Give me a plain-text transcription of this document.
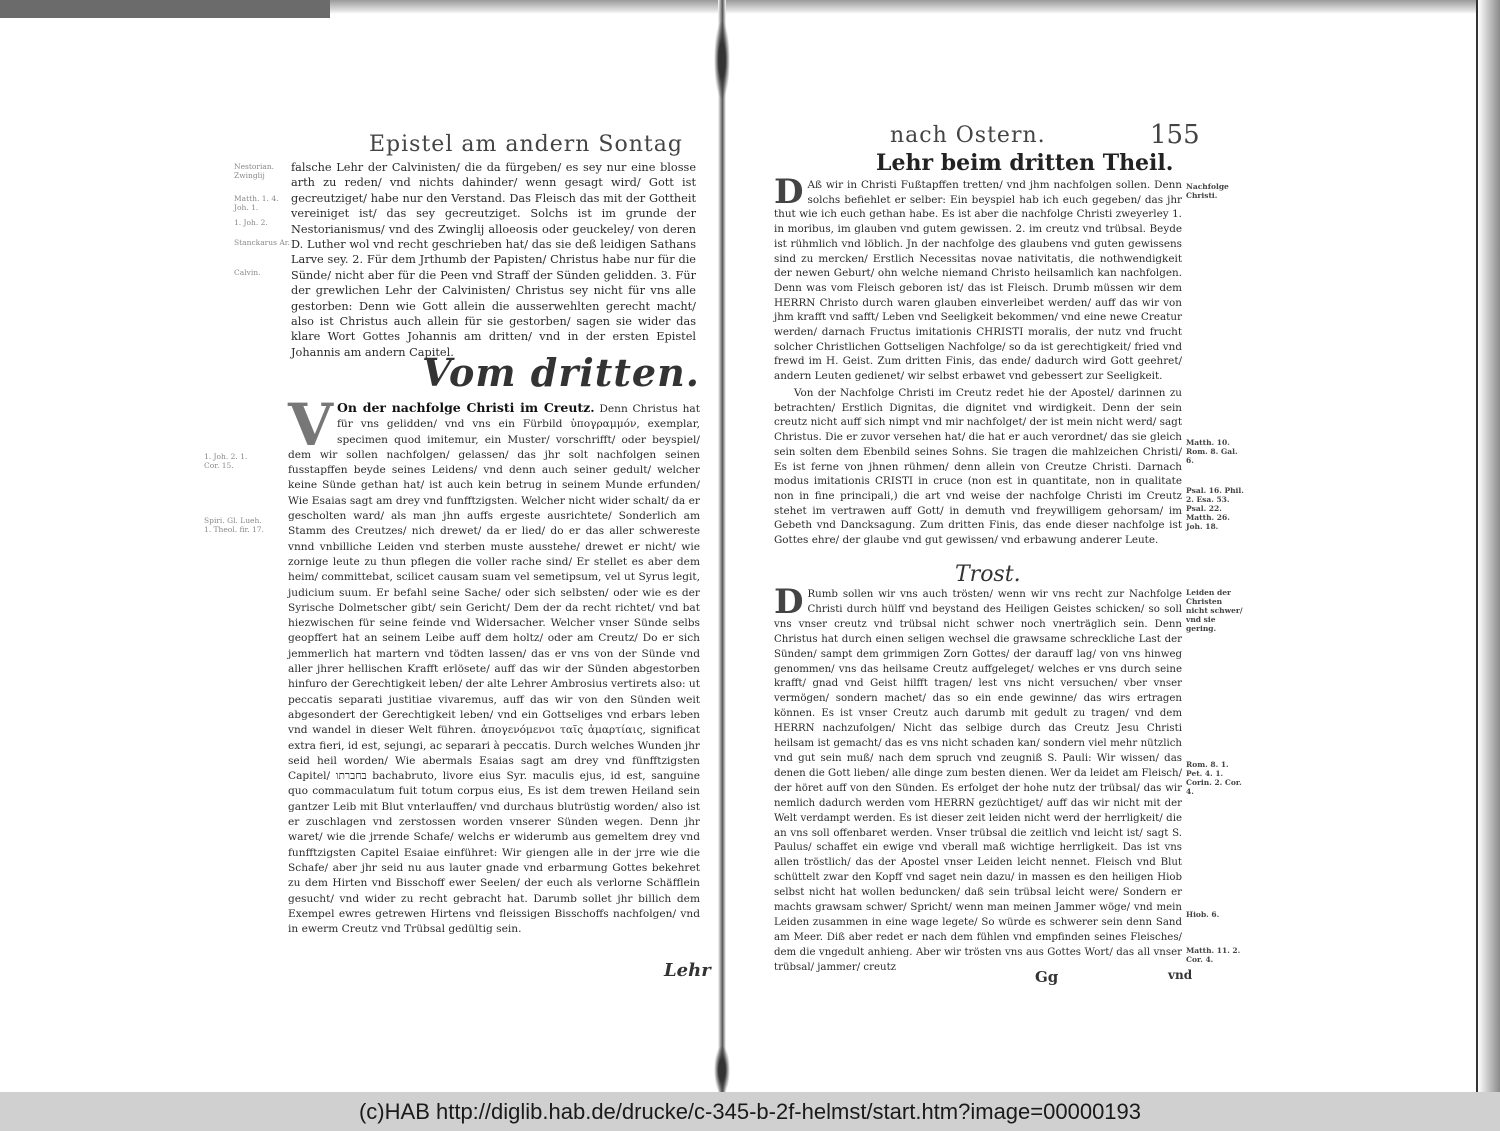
Epistel am andern Sontag
Nestorian. Zwinglij
Matth. 1. 4. Joh. 1.
1. Joh. 2.
Stanckarus Ar.
Calvin.

falsche Lehr der Calvinisten/ die da fürgeben/ es sey nur eine blosse arth zu reden/ vnd nichts dahinder/ wenn gesagt wird/ Gott ist gecreutziget/ habe nur den Verstand. Das Fleisch das mit der Gottheit vereiniget ist/ das sey gecreutziget. Solchs ist im grunde der Nestorianismus/ vnd des Zwinglij alloeosis oder geuckeley/ von deren D. Luther wol vnd recht geschrieben hat/ das sie deß leidigen Sathans Larve sey. 2. Für dem Jrthumb der Papisten/ Christus habe nur für die Sünde/ nicht aber für die Peen vnd Straff der Sünden gelidden. 3. Für der grewlichen Lehr der Calvinisten/ Christus sey nicht für vns alle gestorben: Denn wie Gott allein die ausserwehlten gerecht macht/ also ist Christus auch allein für sie gestorben/ sagen sie wider das klare Wort Gottes Johannis am dritten/ vnd in der ersten Epistel Johannis am andern Capitel.

Vom dritten.
1. Joh. 2. 1. Cor. 15.
Spiri. Gl. Lueh. 1. Theol. fir. 17.
V On der nachfolge Christi im Creutz. Denn Christus hat für vns gelidden/ vnd vns ein Fürbild ὑπογραμμόν, exemplar, specimen quod imitemur, ein Muster/ vorschrifft/ oder beyspiel/ dem wir sollen nachfolgen/ gelassen/ das jhr solt nachfolgen seinen fusstapffen beyde seines Leidens/ vnd denn auch seiner gedult/ welcher keine Sünde gethan hat/ ist auch kein betrug in seinem Munde erfunden/ Wie Esaias sagt am drey vnd funfftzigsten. Welcher nicht wider schalt/ da er gescholten ward/ als man jhn auffs ergeste ausrichtete/ Sonderlich am Stamm des Creutzes/ nich drewet/ da er lied/ do er das aller schwereste vnnd vnbilliche Leiden vnd sterben muste ausstehe/ drewet er nicht/ wie zornige leute zu thun pflegen die voller rache sind/ Er stellet es aber dem heim/ committebat, scilicet causam suam vel semetipsum, vel ut Syrus legit, judicium suum. Er befahl seine Sache/ oder sich selbsten/ oder wie es der Syrische Dolmetscher gibt/ sein Gericht/ Dem der da recht richtet/ vnd bat hiezwischen für seine feinde vnd Widersacher. Welcher vnser Sünde selbs geopffert hat an seinem Leibe auff dem holtz/ oder am Creutz/ Do er sich jemmerlich hat martern vnd tödten lassen/ das er vns von der Sünde vnd aller jhrer hellischen Krafft erlösete/ auff das wir der Sünden abgestorben hinfuro der Gerechtigkeit leben/ der alte Lehrer Ambrosius vertirets also: ut peccatis separati justitiae vivaremus, auff das wir von den Sünden weit abgesondert der Gerechtigkeit leben/ vnd ein Gottseliges vnd erbars leben vnd wandel in dieser Welt führen. ἀπογενόμενοι ταῖς ἁμαρτίαις, significat extra fieri, id est, sejungi, ac separari à peccatis. Durch welches Wunden jhr seid heil worden/ Wie abermals Esaias sagt am drey vnd fünfftzigsten Capitel/ בחברתו bachabruto, livore eius Syr. maculis ejus, id est, sanguine quo commaculatum fuit totum corpus eius, Es ist dem trewen Heiland sein gantzer Leib mit Blut vnterlauffen/ vnd durchaus blutrüstig worden/ also ist er zuschlagen vnd zerstossen worden vnserer Sünden wegen. Denn jhr waret/ wie die jrrende Schafe/ welchs er widerumb aus gemeltem drey vnd funfftzigsten Capitel Esaiae einführet: Wir giengen alle in der jrre wie die Schafe/ aber jhr seid nu aus lauter gnade vnd erbarmung Gottes bekehret zu dem Hirten vnd Bisschoff ewer Seelen/ der euch als verlorne Schäfflein gesucht/ vnd wider zu recht gebracht hat. Darumb sollet jhr billich dem Exempel ewres getrewen Hirtens vnd fleissigen Bisschoffs nachfolgen/ vnd in ewerm Creutz vnd Trübsal gedültig sein.
Lehr
nach Ostern.	155
Lehr beim dritten Theil.
D Aß wir in Christi Fußtapffen tretten/ vnd jhm nachfolgen sollen. Denn solchs befiehlet er selber: Ein beyspiel hab ich euch gegeben/ das jhr thut wie ich euch gethan habe. Es ist aber die nachfolge Christi zweyerley 1. in moribus, im glauben vnd gutem gewissen. 2. im creutz vnd trübsal. Beyde ist rühmlich vnd löblich. Jn der nachfolge des glaubens vnd guten gewissens sind zu mercken/ Erstlich Necessitas novae nativitatis, die nothwendigkeit der newen Geburt/ ohn welche niemand Christo heilsamlich kan nachfolgen. Denn was vom Fleisch geboren ist/ das ist Fleisch. Drumb müssen wir dem HERRN Christo durch waren glauben einverleibet werden/ auff das wir von jhm krafft vnd safft/ Leben vnd Seeligkeit bekommen/ vnd eine newe Creatur werden/ darnach Fructus imitationis CHRISTI moralis, der nutz vnd frucht solcher Christlichen Gottseligen Nachfolge/ so da ist gerechtigkeit/ fried vnd frewd im H. Geist. Zum dritten Finis, das ende/ dadurch wird Gott geehret/ andern Leuten gedienet/ wir selbst erbawet vnd gebessert zur Seeligkeit.
Von der Nachfolge Christi im Creutz redet hie der Apostel/ darinnen zu betrachten/ Erstlich Dignitas, die dignitet vnd wirdigkeit. Denn der sein creutz nicht auff sich nimpt vnd mir nachfolget/ der ist mein nicht werd/ sagt Christus. Die er zuvor versehen hat/ die hat er auch verordnet/ das sie gleich sein solten dem Ebenbild seines Sohns. Sie tragen die mahlzeichen Christi/ Es ist ferne von jhnen rühmen/ denn allein von Creutze Christi. Darnach modus imitationis CRISTI in cruce (non est in quantitate, non in qualitate non in fine principali,) die art vnd weise der nachfolge Christi im Creutz stehet im vertrawen auff Gott/ in demuth vnd freywilligem gehorsam/ im Gebeth vnd Dancksagung. Zum dritten Finis, das ende dieser nachfolge ist Gottes ehre/ der glaube vnd gut gewissen/ vnd erbawung anderer Leute.
Nachfolge Christi.
Matth. 10. Rom. 8. Gal. 6.
Psal. 16. Phil. 2. Esa. 53. Psal. 22. Matth. 26. Joh. 18.
Trost.
D Rumb sollen wir vns auch trösten/ wenn wir vns recht zur Nachfolge Christi durch hülff vnd beystand des Heiligen Geistes schicken/ so soll vns vnser creutz vnd trübsal nicht schwer noch vnerträglich sein. Denn Christus hat durch einen seligen wechsel die grawsame schreckliche Last der Sünden/ sampt dem grimmigen Zorn Gottes/ der darauff lag/ von vns hinweg genommen/ vns das heilsame Creutz auffgeleget/ welches er vns durch seine krafft/ gnad vnd Geist hilfft tragen/ lest vns nicht versuchen/ vber vnser vermögen/ sondern machet/ das so ein ende gewinne/ das wirs ertragen können. Es ist vnser Creutz auch darumb mit gedult zu tragen/ vnd dem HERRN nachzufolgen/ Nicht das selbige durch das Creutz Jesu Christi heilsam ist gemacht/ das es vns nicht schaden kan/ sondern viel mehr nützlich vnd gut sein muß/ nach dem spruch vnd zeugniß S. Pauli: Wir wissen/ das denen die Gott lieben/ alle dinge zum besten dienen. Wer da leidet am Fleisch/ der höret auff von den Sünden. Es erfolget der hohe nutz der trübsal/ das wir nemlich dadurch werden vom HERRN gezüchtiget/ auff das wir nicht mit der Welt verdampt werden. Es ist dieser zeit leiden nicht werd der herrligkeit/ die an vns soll offenbaret werden. Vnser trübsal die zeitlich vnd leicht ist/ sagt S. Paulus/ schaffet ein ewige vnd vberall maß wichtige herrligkeit. Das ist vns allen tröstlich/ das der Apostel vnser Leiden leicht nennet. Fleisch vnd Blut schüttelt zwar den Kopff vnd saget nein dazu/ in massen es den heiligen Hiob selbst nicht hat wollen beduncken/ daß sein trübsal leicht were/ Sondern er machts grawsam schwer/ Spricht/ wenn man meinen Jammer wöge/ vnd mein Leiden zusammen in eine wage legete/ So würde es schwerer sein denn Sand am Meer. Diß aber redet er nach dem fühlen vnd empfinden seines Fleisches/ dem die vngedult anhieng. Aber wir trösten vns aus Gottes Wort/ das all vnser trübsal/ jammer/ creutz
Leiden der Christen nicht schwer/ vnd sie gering.
Rom. 8. 1. Pet. 4. 1. Corin. 2. Cor. 4.
Hiob. 6.
Matth. 11. 2. Cor. 4.
Gg	vnd
(c)HAB http://diglib.hab.de/drucke/c-345-b-2f-helmst/start.htm?image=00000193
